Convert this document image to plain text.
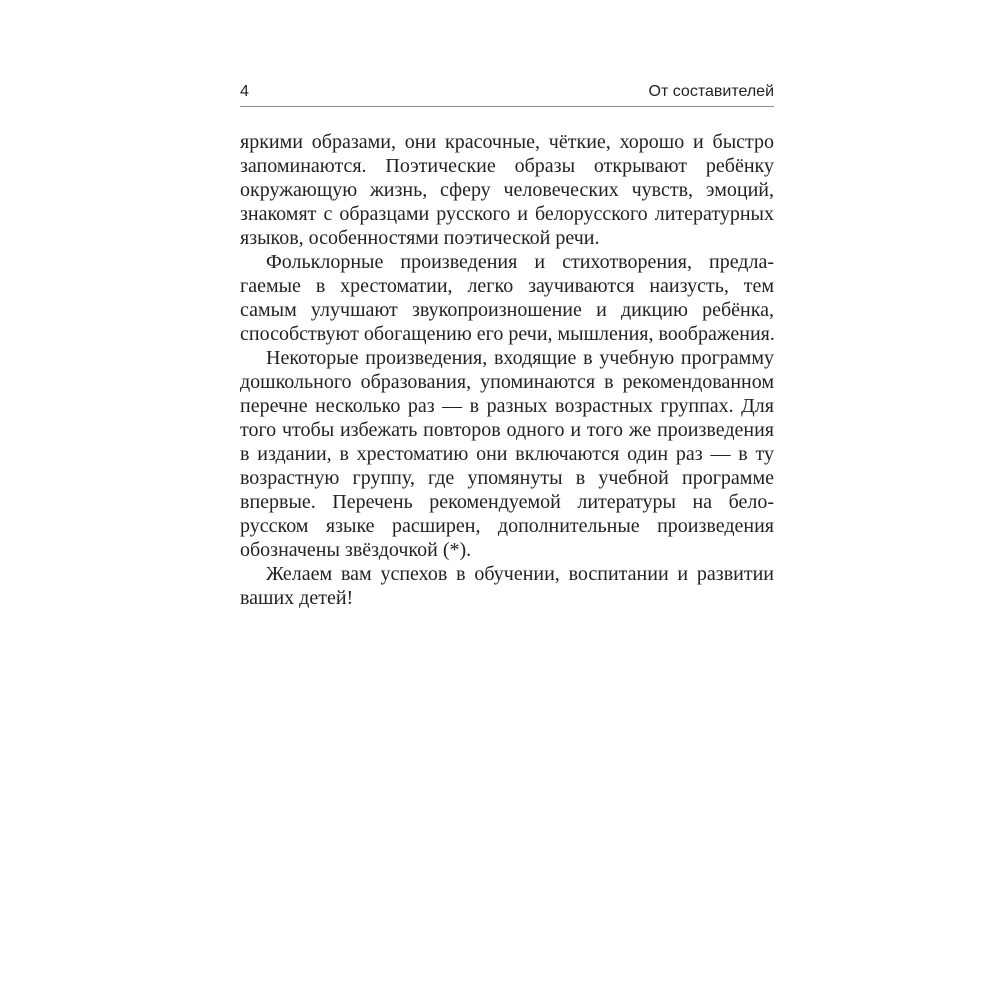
4	От составителей
яркими образами, они красочные, чёткие, хорошо и быстро
запоминаются. Поэтические образы открывают ребёнку
окружающую жизнь, сферу человеческих чувств, эмоций,
знакомят с образцами русского и белорусского литературных
языков, особенностями поэтической речи.
Фольклорные произведения и стихотворения, предла-
гаемые в хрестоматии, легко заучиваются наизусть, тем
самым улучшают звукопроизношение и дикцию ребёнка,
способствуют обогащению его речи, мышления, воображения.
Некоторые произведения, входящие в учебную программу
дошкольного образования, упоминаются в рекомендованном
перечне несколько раз — в разных возрастных группах. Для
того чтобы избежать повторов одного и того же произведения
в издании, в хрестоматию они включаются один раз — в ту
возрастную группу, где упомянуты в учебной программе
впервые. Перечень рекомендуемой литературы на бело-
русском языке расширен, дополнительные произведения
обозначены звёздочкой (*).
Желаем вам успехов в обучении, воспитании и развитии
ваших детей!
